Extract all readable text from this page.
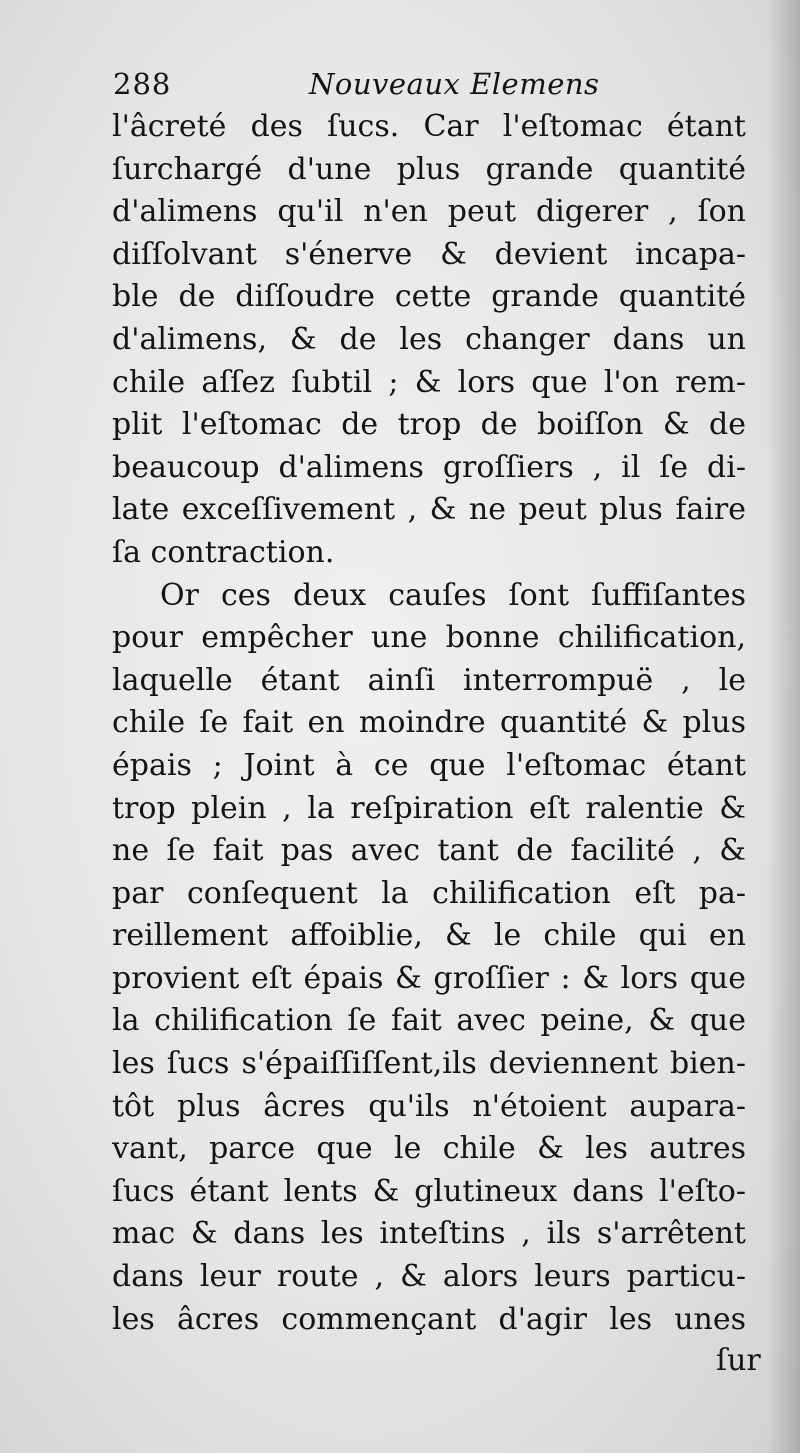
288	Nouveaux Elemens
l'âcreté des ſucs. Car l'eſtomac étant
ſurchargé d'une plus grande quantité
d'alimens qu'il n'en peut digerer , ſon
diſſolvant s'énerve & devient incapa-
ble de diſſoudre cette grande quantité
d'alimens, & de les changer dans un
chile aſſez ſubtil ; & lors que l'on rem-
plit l'eſtomac de trop de boiſſon & de
beaucoup d'alimens groſſiers , il ſe di-
late exceſſivement , & ne peut plus faire
ſa contraction.
Or ces deux cauſes ſont ſuffiſantes
pour empêcher une bonne chilification,
laquelle étant ainſi interrompuë , le
chile ſe fait en moindre quantité & plus
épais ; Joint à ce que l'eſtomac étant
trop plein , la reſpiration eſt ralentie &
ne ſe fait pas avec tant de facilité , &
par conſequent la chilification eſt pa-
reillement affoiblie, & le chile qui en
provient eſt épais & groſſier : & lors que
la chilification ſe fait avec peine, & que
les ſucs s'épaiſſiſſent,ils deviennent bien-
tôt plus âcres qu'ils n'étoient aupara-
vant, parce que le chile & les autres
ſucs étant lents & glutineux dans l'eſto-
mac & dans les inteſtins , ils s'arrêtent
dans leur route , & alors leurs particu-
les âcres commençant d'agir les unes
ſur
